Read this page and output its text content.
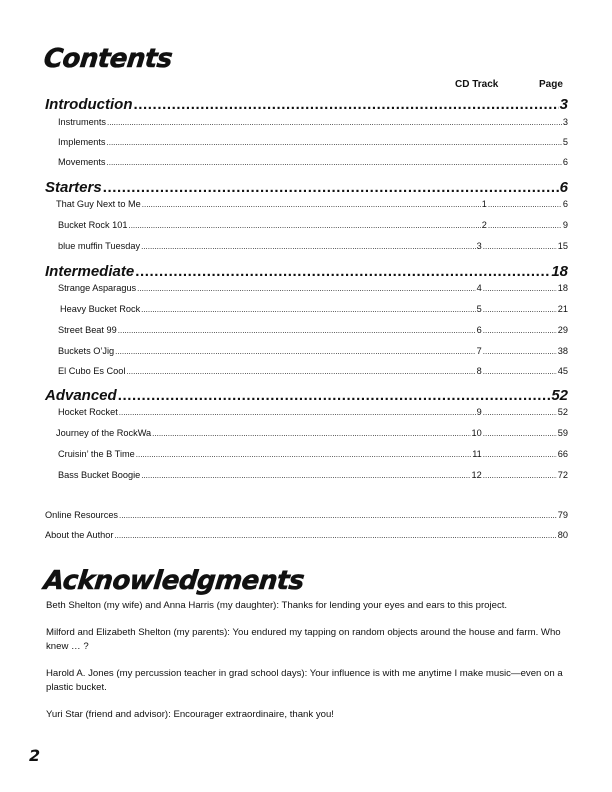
Contents
CD Track	Page
Introduction .....	3
Instruments .....	3
Implements .....	5
Movements .....	6
Starters .....	6
That Guy Next to Me .....	1 .....	6
Bucket Rock 101 .....	2 .....	9
blue muffin Tuesday .....	3 .....	15
Intermediate .....	18
Strange Asparagus .....	4 .....	18
Heavy Bucket Rock .....	5 .....	21
Street Beat 99 .....	6 .....	29
Buckets O’Jig .....	7 .....	38
El Cubo Es Cool .....	8 .....	45
Advanced .....	52
Hocket Rocket .....	9 .....	52
Journey of the RockWa .....	10 .....	59
Cruisin’ the B Time .....	11 .....	66
Bass Bucket Boogie .....	12 .....	72
Online Resources .....	79
About the Author .....	80
Acknowledgments
Beth Shelton (my wife) and Anna Harris (my daughter): Thanks for lending your eyes and ears to this project.
Milford and Elizabeth Shelton (my parents): You endured my tapping on random objects around the house and farm. Who knew … ?
Harold A. Jones (my percussion teacher in grad school days): Your influence is with me anytime I make music—even on a plastic bucket.
Yuri Star (friend and advisor): Encourager extraordinaire, thank you!
2
